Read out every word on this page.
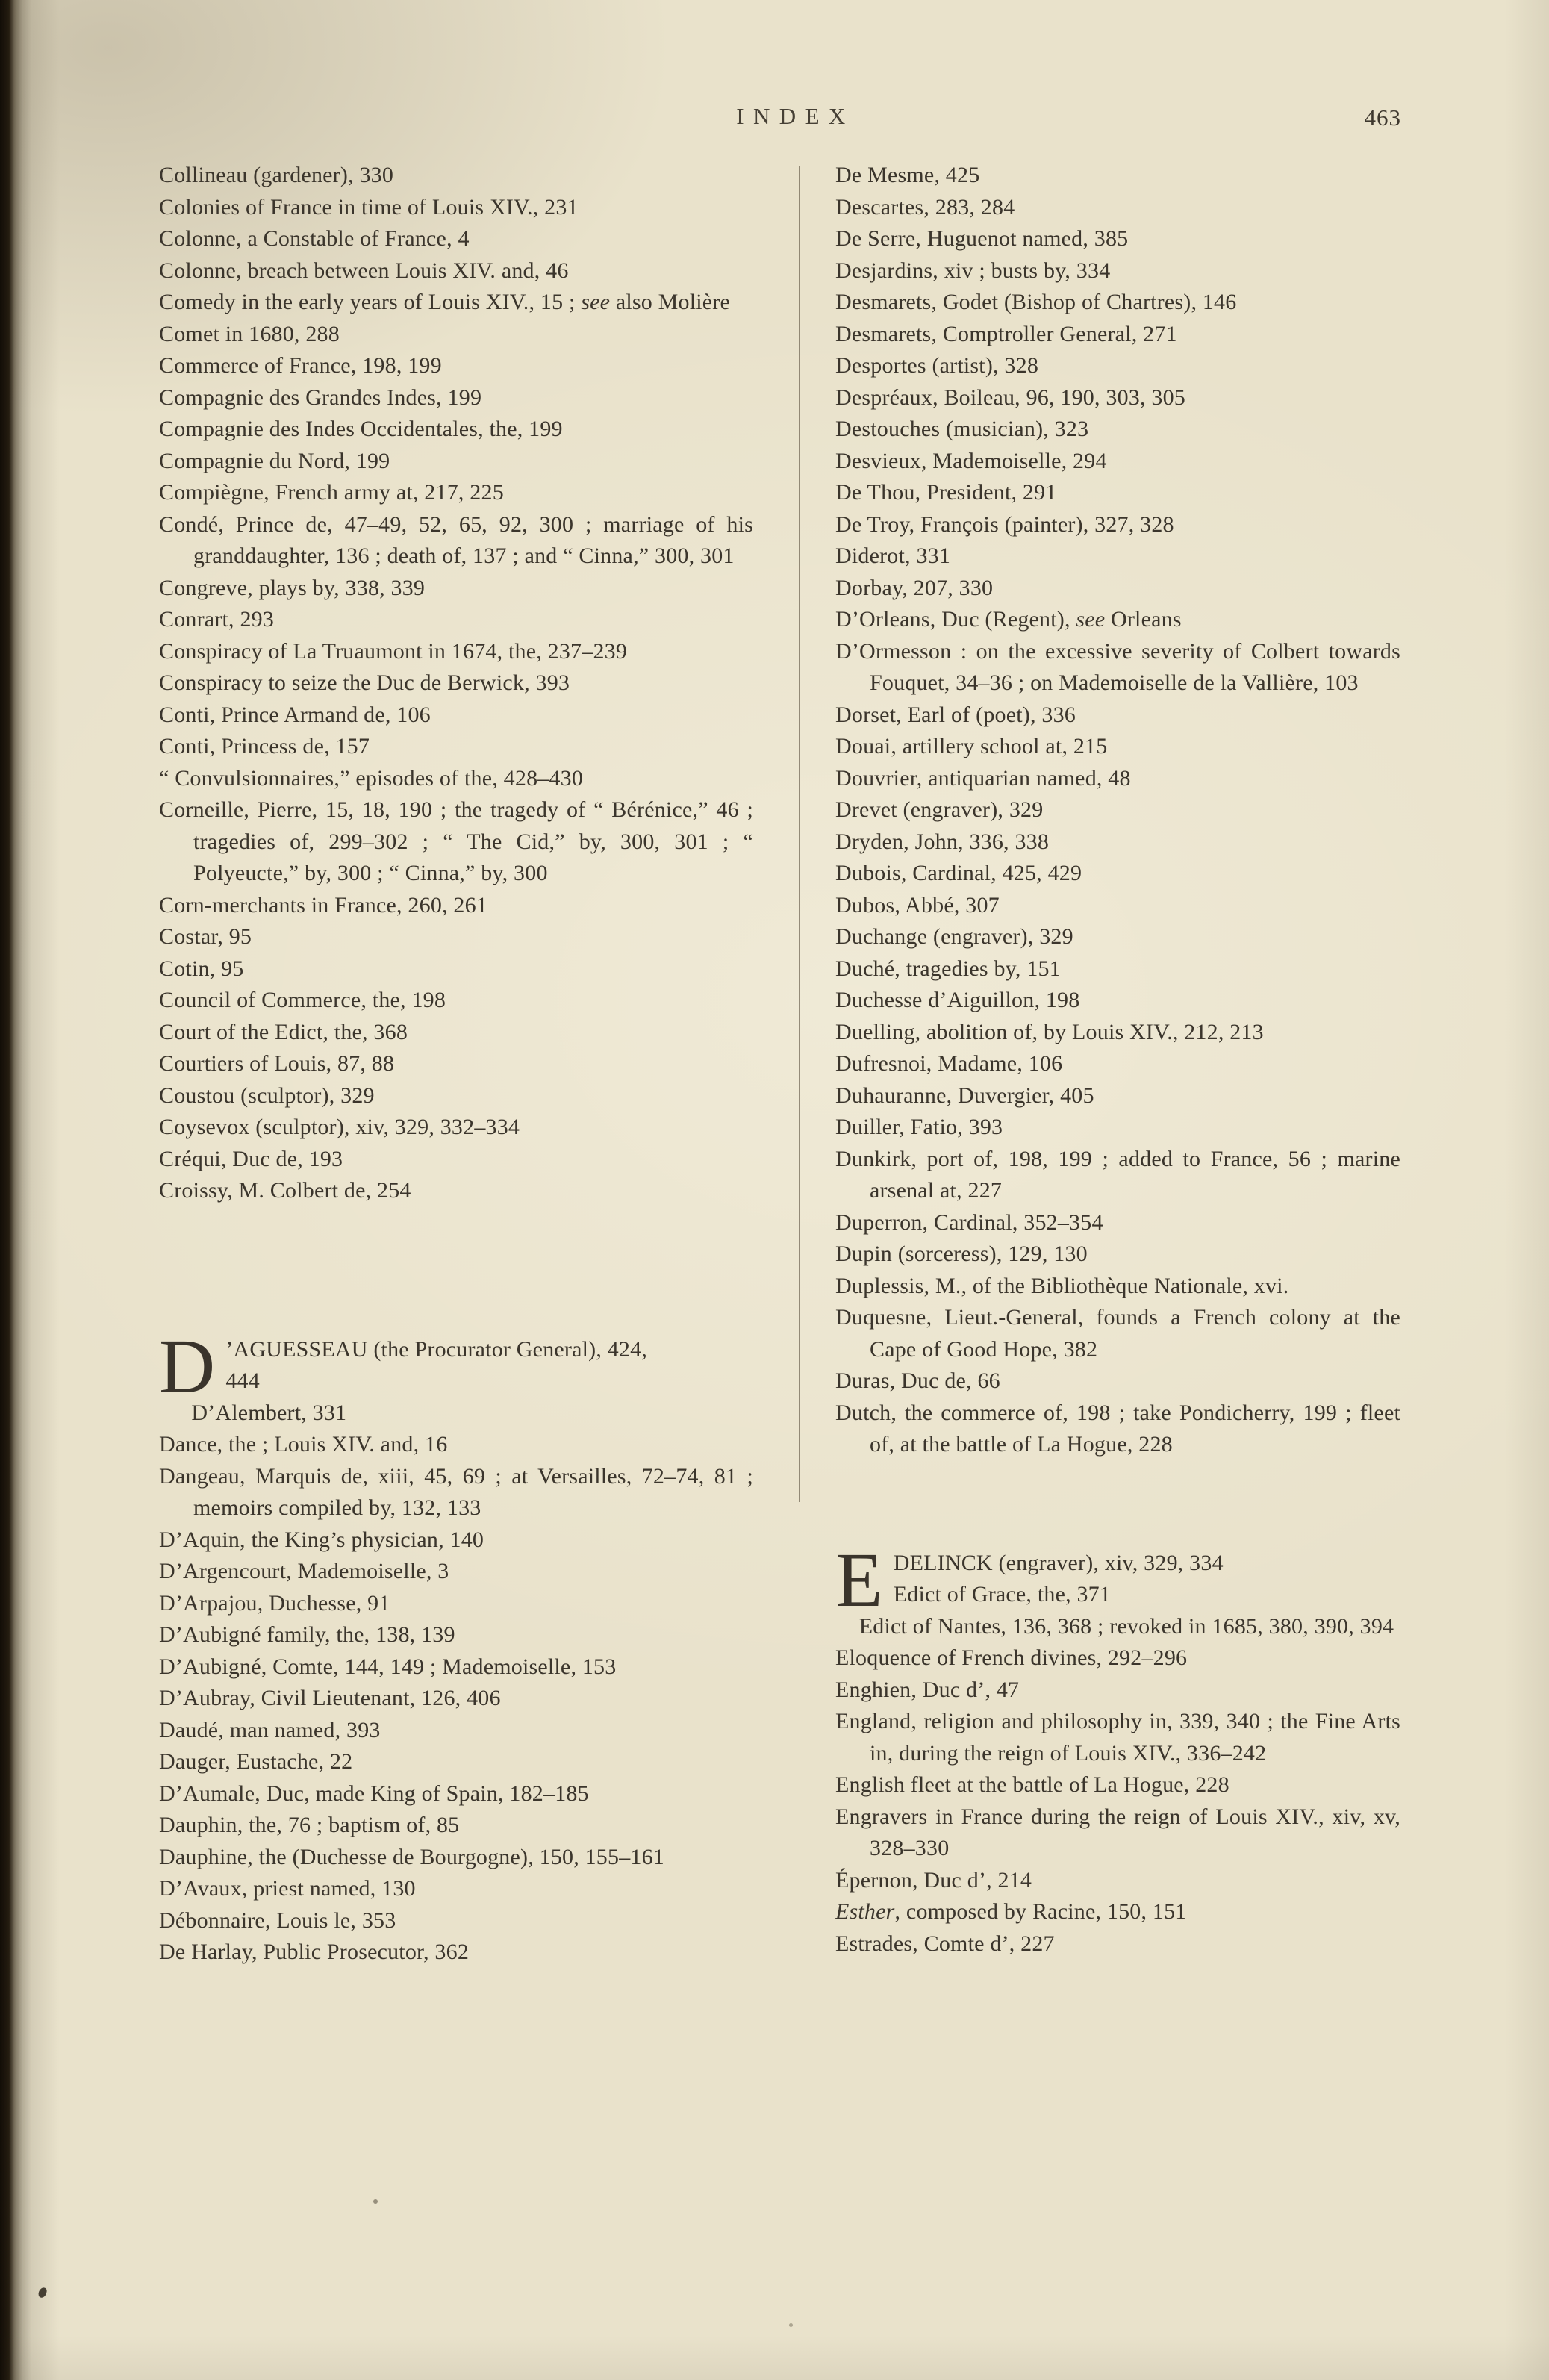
INDEX	463
Collineau (gardener), 330
Colonies of France in time of Louis XIV., 231
Colonne, a Constable of France, 4
Colonne, breach between Louis XIV. and, 46
Comedy in the early years of Louis XIV., 15 ; see also Molière
Comet in 1680, 288
Commerce of France, 198, 199
Compagnie des Grandes Indes, 199
Compagnie des Indes Occidentales, the, 199
Compagnie du Nord, 199
Compiègne, French army at, 217, 225
Condé, Prince de, 47–49, 52, 65, 92, 300 ; marriage of his granddaughter, 136 ; death of, 137 ; and “ Cinna,” 300, 301
Congreve, plays by, 338, 339
Conrart, 293
Conspiracy of La Truaumont in 1674, the, 237–239
Conspiracy to seize the Duc de Berwick, 393
Conti, Prince Armand de, 106
Conti, Princess de, 157
“ Convulsionnaires,” episodes of the, 428–430
Corneille, Pierre, 15, 18, 190 ; the tragedy of “ Bérénice,” 46 ; tragedies of, 299–302 ; “ The Cid,” by, 300, 301 ; “ Polyeucte,” by, 300 ; “ Cinna,” by, 300
Corn-merchants in France, 260, 261
Costar, 95
Cotin, 95
Council of Commerce, the, 198
Court of the Edict, the, 368
Courtiers of Louis, 87, 88
Coustou (sculptor), 329
Coysevox (sculptor), xiv, 329, 332–334
Créqui, Duc de, 193
Croissy, M. Colbert de, 254
D ’AGUESSEAU (the Procurator General), 424,
444
D’Alembert, 331
Dance, the ; Louis XIV. and, 16
Dangeau, Marquis de, xiii, 45, 69 ; at Versailles, 72–74, 81 ; memoirs compiled by, 132, 133
D’Aquin, the King’s physician, 140
D’Argencourt, Mademoiselle, 3
D’Arpajou, Duchesse, 91
D’Aubigné family, the, 138, 139
D’Aubigné, Comte, 144, 149 ; Mademoiselle, 153
D’Aubray, Civil Lieutenant, 126, 406
Daudé, man named, 393
Dauger, Eustache, 22
D’Aumale, Duc, made King of Spain, 182–185
Dauphin, the, 76 ; baptism of, 85
Dauphine, the (Duchesse de Bourgogne), 150, 155–161
D’Avaux, priest named, 130
Débonnaire, Louis le, 353
De Harlay, Public Prosecutor, 362
De Mesme, 425
Descartes, 283, 284
De Serre, Huguenot named, 385
Desjardins, xiv ; busts by, 334
Desmarets, Godet (Bishop of Chartres), 146
Desmarets, Comptroller General, 271
Desportes (artist), 328
Despréaux, Boileau, 96, 190, 303, 305
Destouches (musician), 323
Desvieux, Mademoiselle, 294
De Thou, President, 291
De Troy, François (painter), 327, 328
Diderot, 331
Dorbay, 207, 330
D’Orleans, Duc (Regent), see Orleans
D’Ormesson : on the excessive severity of Colbert towards Fouquet, 34–36 ; on Mademoiselle de la Vallière, 103
Dorset, Earl of (poet), 336
Douai, artillery school at, 215
Douvrier, antiquarian named, 48
Drevet (engraver), 329
Dryden, John, 336, 338
Dubois, Cardinal, 425, 429
Dubos, Abbé, 307
Duchange (engraver), 329
Duché, tragedies by, 151
Duchesse d’Aiguillon, 198
Duelling, abolition of, by Louis XIV., 212, 213
Dufresnoi, Madame, 106
Duhauranne, Duvergier, 405
Duiller, Fatio, 393
Dunkirk, port of, 198, 199 ; added to France, 56 ; marine arsenal at, 227
Duperron, Cardinal, 352–354
Dupin (sorceress), 129, 130
Duplessis, M., of the Bibliothèque Nationale, xvi.
Duquesne, Lieut.-General, founds a French colony at the Cape of Good Hope, 382
Duras, Duc de, 66
Dutch, the commerce of, 198 ; take Pondicherry, 199 ; fleet of, at the battle of La Hogue, 228
EDELINCK (engraver), xiv, 329, 334
Edict of Grace, the, 371
Edict of Nantes, 136, 368 ; revoked in 1685, 380, 390, 394
Eloquence of French divines, 292–296
Enghien, Duc d’, 47
England, religion and philosophy in, 339, 340 ; the Fine Arts in, during the reign of Louis XIV., 336–242
English fleet at the battle of La Hogue, 228
Engravers in France during the reign of Louis XIV., xiv, xv, 328–330
Épernon, Duc d’, 214
Esther, composed by Racine, 150, 151
Estrades, Comte d’, 227
